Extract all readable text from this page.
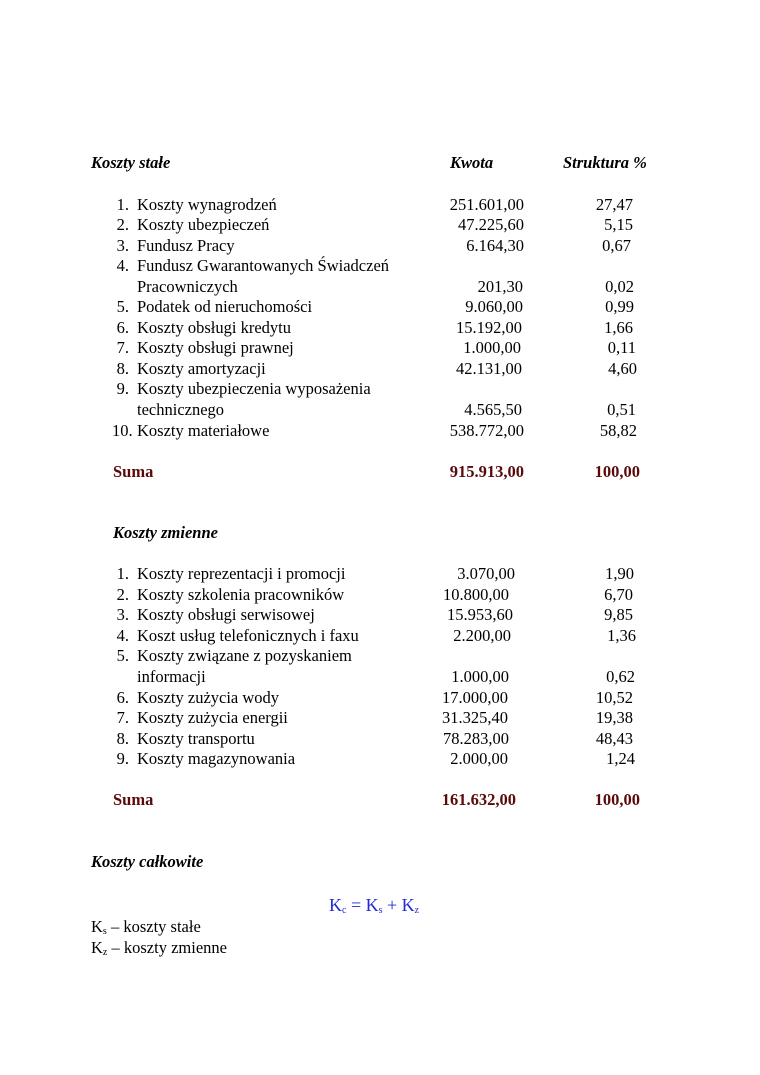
Koszty stałe	Kwota	Struktura %
1. Koszty wynagrodzeń	251.601,00	27,47
2. Koszty ubezpieczeń	47.225,60	5,15
3. Fundusz Pracy	6.164,30	0,67
4. Fundusz Gwarantowanych Świadczeń
Pracowniczych	201,30	0,02
5. Podatek od nieruchomości	9.060,00	0,99
6. Koszty obsługi kredytu	15.192,00	1,66
7. Koszty obsługi prawnej	1.000,00	0,11
8. Koszty amortyzacji	42.131,00	4,60
9. Koszty ubezpieczenia wyposażenia
technicznego	4.565,50	0,51
10. Koszty materiałowe	538.772,00	58,82
Suma	915.913,00	100,00
Koszty zmienne
1. Koszty reprezentacji i promocji	3.070,00	1,90
2. Koszty szkolenia pracowników	10.800,00	6,70
3. Koszty obsługi serwisowej	15.953,60	9,85
4. Koszt usług telefonicznych i faxu	2.200,00	1,36
5. Koszty związane z pozyskaniem
informacji	1.000,00	0,62
6. Koszty zużycia wody	17.000,00	10,52
7. Koszty zużycia energii	31.325,40	19,38
8. Koszty transportu	78.283,00	48,43
9. Koszty magazynowania	2.000,00	1,24
Suma	161.632,00	100,00
Koszty całkowite
$K_c = K_s + K_z$
$K_s$ – koszty stałe
$K_z$ – koszty zmienne
